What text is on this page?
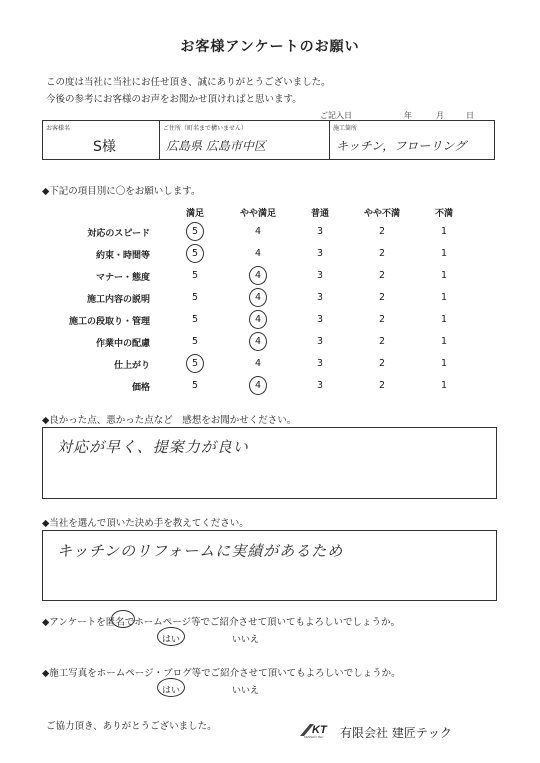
お客様アンケートのお願い
この度は当社に当社にお任せ頂き、誠にありがとうございました。
今後の参考にお客様のお声をお聞かせ頂ければと思います。
ご記入日	年	月	日
お客様名
S様
ご住所（町名まで構いません）
広島県 広島市中区
施工箇所
キッチン，フローリング
◆下記の項目別に〇をお願いします。
満足	やや満足	普通	やや不満	不満
対応のスピード	5	4	3	2	1
約束・時間等	5	4	3	2	1
マナー・態度	5	4	3	2	1
施工内容の説明	5	4	3	2	1
施工の段取り・管理	5	4	3	2	1
作業中の配慮	5	4	3	2	1
仕上がり	5	4	3	2	1
価格	5	4	3	2	1
◆良かった点、悪かった点など　感想をお聞かせください。
対応が早く、提案力が良い
◆当社を選んで頂いた決め手を教えてください。
キッチンのリフォームに実績があるため
◆アンケートを匿名でホームページ等でご紹介させて頂いてもよろしいでしょうか。
はい	いいえ
◆施工写真をホームページ・ブログ等でご紹介させて頂いてもよろしいでしょうか。
はい	いいえ
ご協力頂き、ありがとうございました。	KT
KENSHO TEC 有限会社 建匠テック
